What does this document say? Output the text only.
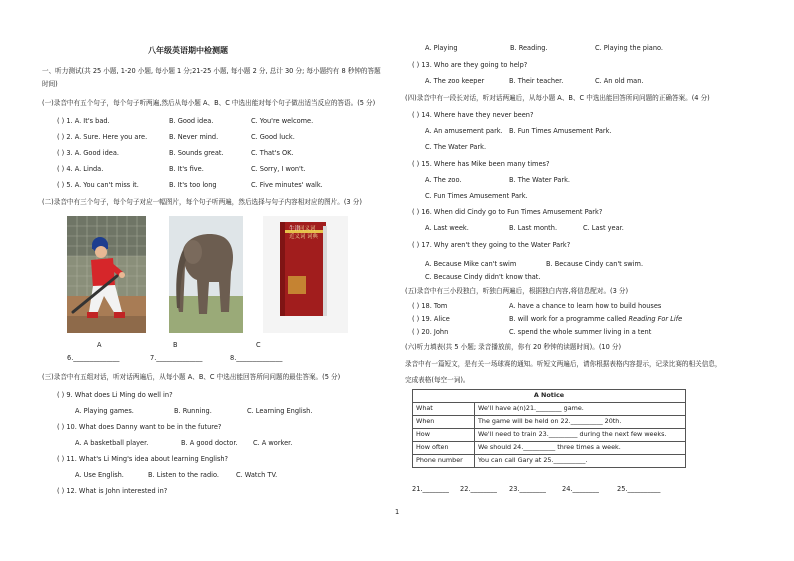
八年级英语期中检测题
一、听力测试(共 25 小题, 1-20 小题, 每小题 1 分;21-25 小题, 每小题 2 分, 总计 30 分; 每小题约有 8 秒钟的答题
时间)
(一)录音中有五个句子，每个句子听两遍,然后从每小题 A、B、C 中选出能对每个句子做出适当反应的答语。(5 分)
( ) 1. A. It's bad.	B. Good idea.	C. You're welcome.
( ) 2. A. Sure. Here you are.	B. Never mind.	C. Good luck.
( ) 3. A. Good idea.	B. Sounds great.	C. That's OK.
( ) 4. A. Linda.	B. It's five.	C. Sorry, I won't.
( ) 5. A. You can't miss it.	B. It's too long	C. Five minutes' walk.
(二)录音中有三个句子，每个句子对应一幅图片，每个句子听两遍，然后选择与句子内容相对应的图片。(3 分)
A	B
牛津
同义词
近义词 词典
C
6.______________	7.______________	8.______________
(三)录音中有五组对话，听对话两遍后，从每小题 A、B、C 中选出能回答所问问题的最佳答案。(5 分)
( ) 9. What does Li Ming do well in?
A. Playing games.	B. Running.	C. Learning English.
( ) 10. What does Danny want to be in the future?
A. A basketball player.	B. A good doctor. C. A worker.
( ) 11. What's Li Ming's idea about learning English?
A. Use English.	B. Listen to the radio.	C. Watch TV.
( ) 12. What is John interested in?
A. Playing	B. Reading.	C. Playing the piano.
( ) 13. Who are they going to help?
A. The zoo keeper	B. Their teacher.	C. An old man.
(四)录音中有一段长对话，听对话两遍后，从每小题 A、B、C 中选出能回答所问问题的正确答案。(4 分)
( ) 14. Where have they never been?
A. An amusement park. B. Fun Times Amusement Park.
C. The Water Park.
( ) 15. Where has Mike been many times?
A. The zoo.	B. The Water Park.
C. Fun Times Amusement Park.
( ) 16. When did Cindy go to Fun Times Amusement Park?
A. Last week.	B. Last month.	C. Last year.
( ) 17. Why aren't they going to the Water Park?
A. Because Mike can't swim	B. Because Cindy can't swim.
C. Because Cindy didn't know that.
(五)录音中有三小段独白，听独白两遍后，根据独白内容,将信息配对。(3 分)
( ) 18. Tom	A. have a chance to learn how to build houses
( ) 19. Alice	B. will work for a programme called Reading For Life
( ) 20. John	C. spend the whole summer living in a tent
(六)听力填表(共 5 小题; 录音播放前，你有 20 秒钟的读题时间)。(10 分)
录音中有一篇短文，是有关一场球赛的通知。听短文两遍后，请你根据表格内容提示，记录比赛的相关信息，
完成表格(每空一词)。
A Notice	
What	We'll have a(n)21.________ game.
When	The game will be held on 22.__________ 20th.
How	We'll need to train 23._________ during the next few weeks.
How often	We should 24.__________ three times a week.
Phone number	You can call Gary at 25.__________.
21.________ 22.________ 23.________ 24.________	25.__________
1
